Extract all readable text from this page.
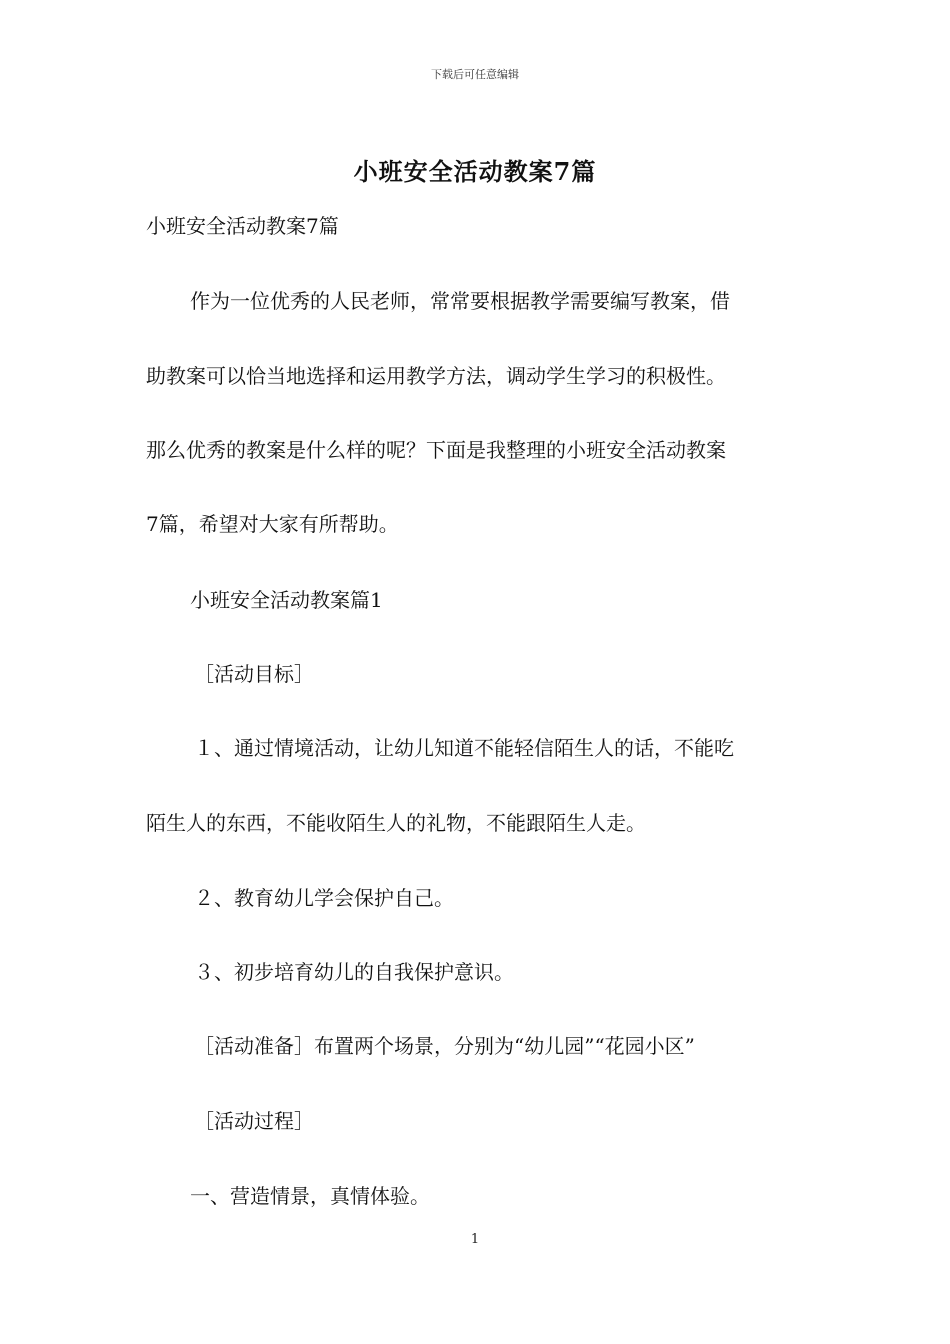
下载后可任意编辑
小班安全活动教案7篇
小班安全活动教案7篇
作为一位优秀的人民老师，常常要根据教学需要编写教案，借
助教案可以恰当地选择和运用教学方法，调动学生学习的积极性。
那么优秀的教案是什么样的呢？下面是我整理的小班安全活动教案
7篇，希望对大家有所帮助。
小班安全活动教案篇1
［活动目标］
１、通过情境活动，让幼儿知道不能轻信陌生人的话，不能吃
陌生人的东西，不能收陌生人的礼物，不能跟陌生人走。
２、教育幼儿学会保护自己。
３、初步培育幼儿的自我保护意识。
［活动准备］布置两个场景，分别为“幼儿园”“花园小区”
［活动过程］
一、营造情景，真情体验。
1
